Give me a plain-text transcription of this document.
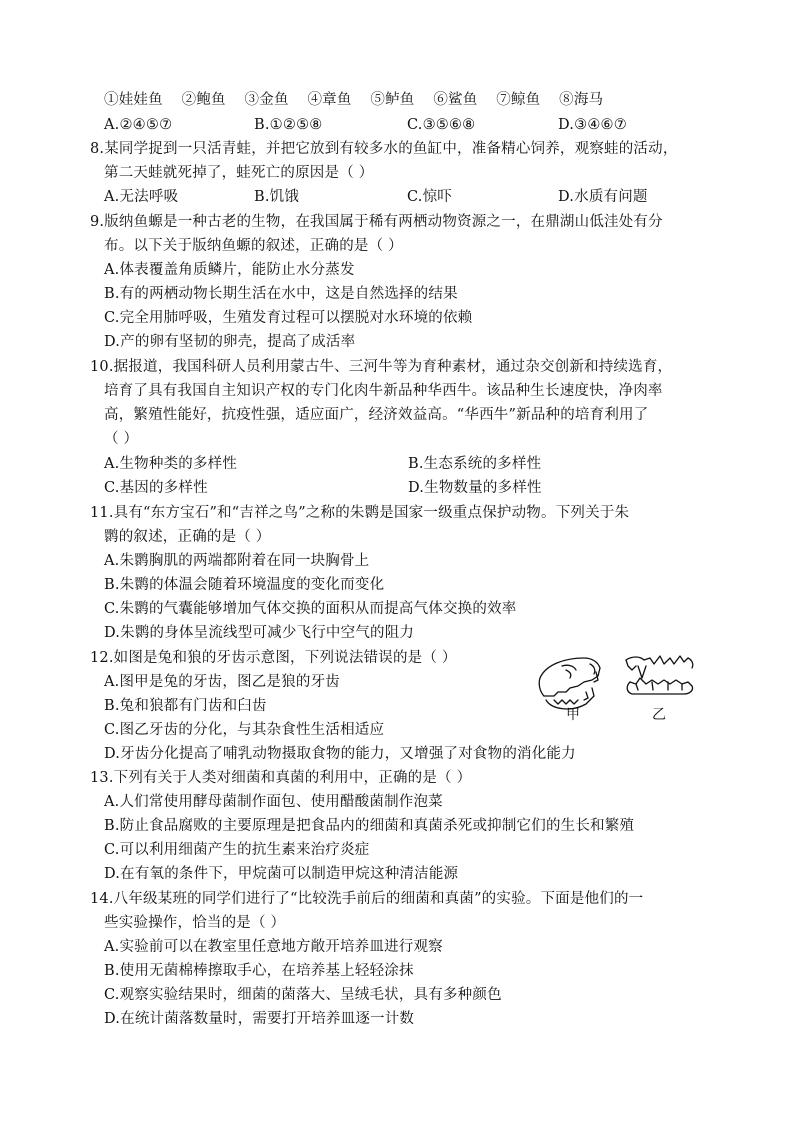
①娃娃鱼 ②鲍鱼 ③金鱼 ④章鱼 ⑤鲈鱼 ⑥鲨鱼 ⑦鲸鱼 ⑧海马
A.②④⑤⑦	B.①②⑤⑧	C.③⑤⑥⑧	D.③④⑥⑦
8.某同学捉到一只活青蛙，并把它放到有较多水的鱼缸中，准备精心饲养，观察蛙的活动，
第二天蛙就死掉了，蛙死亡的原因是（ ）
A.无法呼吸	B.饥饿	C.惊吓	D.水质有问题
9.版纳鱼螈是一种古老的生物，在我国属于稀有两栖动物资源之一，在鼎湖山低洼处有分
布。以下关于版纳鱼螈的叙述，正确的是（ ）
A.体表覆盖角质鳞片，能防止水分蒸发
B.有的两栖动物长期生活在水中，这是自然选择的结果
C.完全用肺呼吸，生殖发育过程可以摆脱对水环境的依赖
D.产的卵有坚韧的卵壳，提高了成活率
10.据报道，我国科研人员利用蒙古牛、三河牛等为育种素材，通过杂交创新和持续选育，
培育了具有我国自主知识产权的专门化肉牛新品种华西牛。该品种生长速度快，净肉率
高，繁殖性能好，抗疫性强，适应面广，经济效益高。“华西牛”新品种的培育利用了
（ ）
A.生物种类的多样性	B.生态系统的多样性
C.基因的多样性	D.生物数量的多样性
11.具有“东方宝石”和“吉祥之鸟”之称的朱鹮是国家一级重点保护动物。下列关于朱
鹮的叙述，正确的是（ ）
A.朱鹮胸肌的两端都附着在同一块胸骨上
B.朱鹮的体温会随着环境温度的变化而变化
C.朱鹮的气囊能够增加气体交换的面积从而提高气体交换的效率
D.朱鹮的身体呈流线型可减少飞行中空气的阻力
12.如图是兔和狼的牙齿示意图，下列说法错误的是（ ）
A.图甲是兔的牙齿，图乙是狼的牙齿
B.兔和狼都有门齿和臼齿
C.图乙牙齿的分化，与其杂食性生活相适应
D.牙齿分化提高了哺乳动物摄取食物的能力，又增强了对食物的消化能力
甲	乙
13.下列有关于人类对细菌和真菌的利用中，正确的是（ ）
A.人们常使用酵母菌制作面包、使用醋酸菌制作泡菜
B.防止食品腐败的主要原理是把食品内的细菌和真菌杀死或抑制它们的生长和繁殖
C.可以利用细菌产生的抗生素来治疗炎症
D.在有氧的条件下，甲烷菌可以制造甲烷这种清洁能源
14.八年级某班的同学们进行了“比较洗手前后的细菌和真菌”的实验。下面是他们的一
些实验操作，恰当的是（ ）
A.实验前可以在教室里任意地方敞开培养皿进行观察
B.使用无菌棉棒擦取手心，在培养基上轻轻涂抹
C.观察实验结果时，细菌的菌落大、呈绒毛状，具有多种颜色
D.在统计菌落数量时，需要打开培养皿逐一计数
